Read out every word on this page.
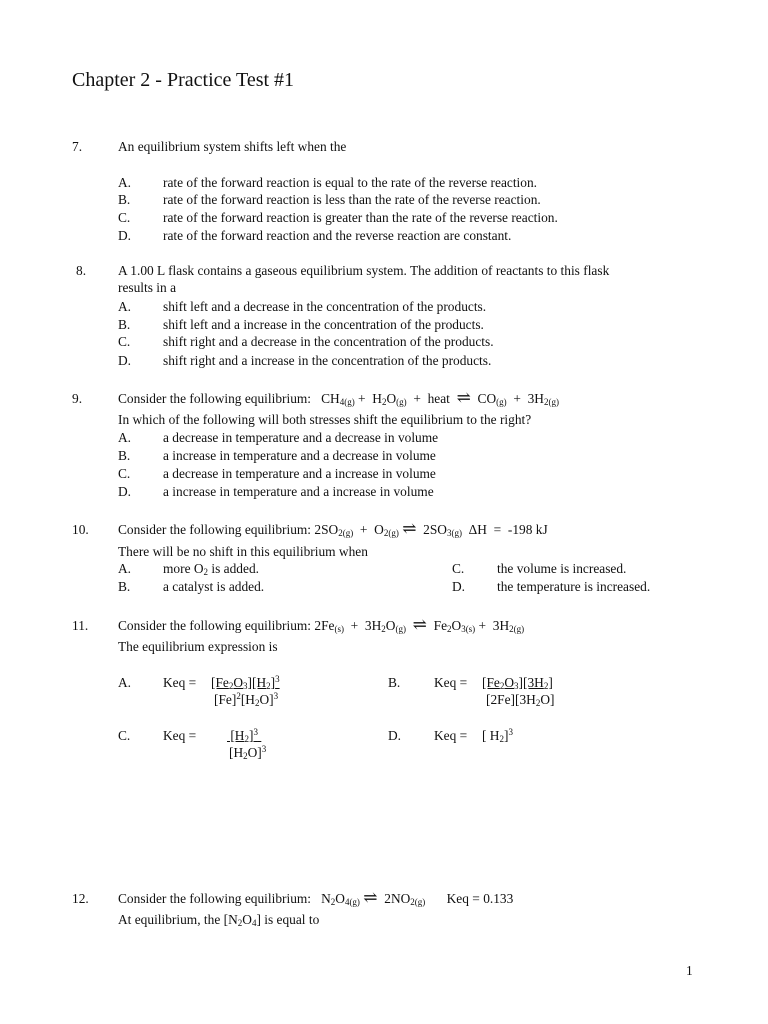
Chapter 2 - Practice Test #1
7.	An equilibrium system shifts left when the
A. rate of the forward reaction is equal to the rate of the reverse reaction.
B. rate of the forward reaction is less than the rate of the reverse reaction.
C. rate of the forward reaction is greater than the rate of the reverse reaction.
D. rate of the forward reaction and the reverse reaction are constant.
8. A 1.00 L flask contains a gaseous equilibrium system. The addition of reactants to this flask
results in a
A. shift left and a decrease in the concentration of the products.
B. shift left and a increase in the concentration of the products.
C. shift right and a decrease in the concentration of the products.
D. shift right and a increase in the concentration of the products.
9.	Consider the following equilibrium:   $CH_{4(g)} + H_2O_{(g)}$  +  heat  ⇌  $CO_{(g)} + 3H_{2(g)}$
In which of the following will both stresses shift the equilibrium to the right?
A. a decrease in temperature and a decrease in volume
B. a increase in temperature and a decrease in volume
C. a decrease in temperature and a increase in volume
D. a increase in temperature and a increase in volume
10. Consider the following equilibrium: $2SO_{2(g)} + O_{2(g)}$ ⇌  $2SO_{3(g)}$  ΔH  =  -198 kJ
There will be no shift in this equilibrium when
A. more $O_2$ is added.	C. the volume is increased.
B. a catalyst is added.	D. the temperature is increased.
11. Consider the following equilibrium: $2Fe_{(s)} + 3H_2O_{(g)}$ ⇌  $Fe_2O_{3(s)} + 3H_{2(g)}$
The equilibrium expression is
A. Keq = $[Fe_2O_3][H_2]^3$
$[Fe]^2[H_2O]^3$
B.	Keq = $[Fe_2O_3][3H_2]$
$[2Fe][3H_2O]$
C. Keq = $[H_2]^3$
$[H_2O]^3$
D. Keq = [ $H_2]^3$
12. Consider the following equilibrium:   $N_2O_{4(g)}$ ⇌  $2NO_{2(g)}$ Keq = 0.133
At equilibrium, the $[N_2O_4]$ is equal to
1
